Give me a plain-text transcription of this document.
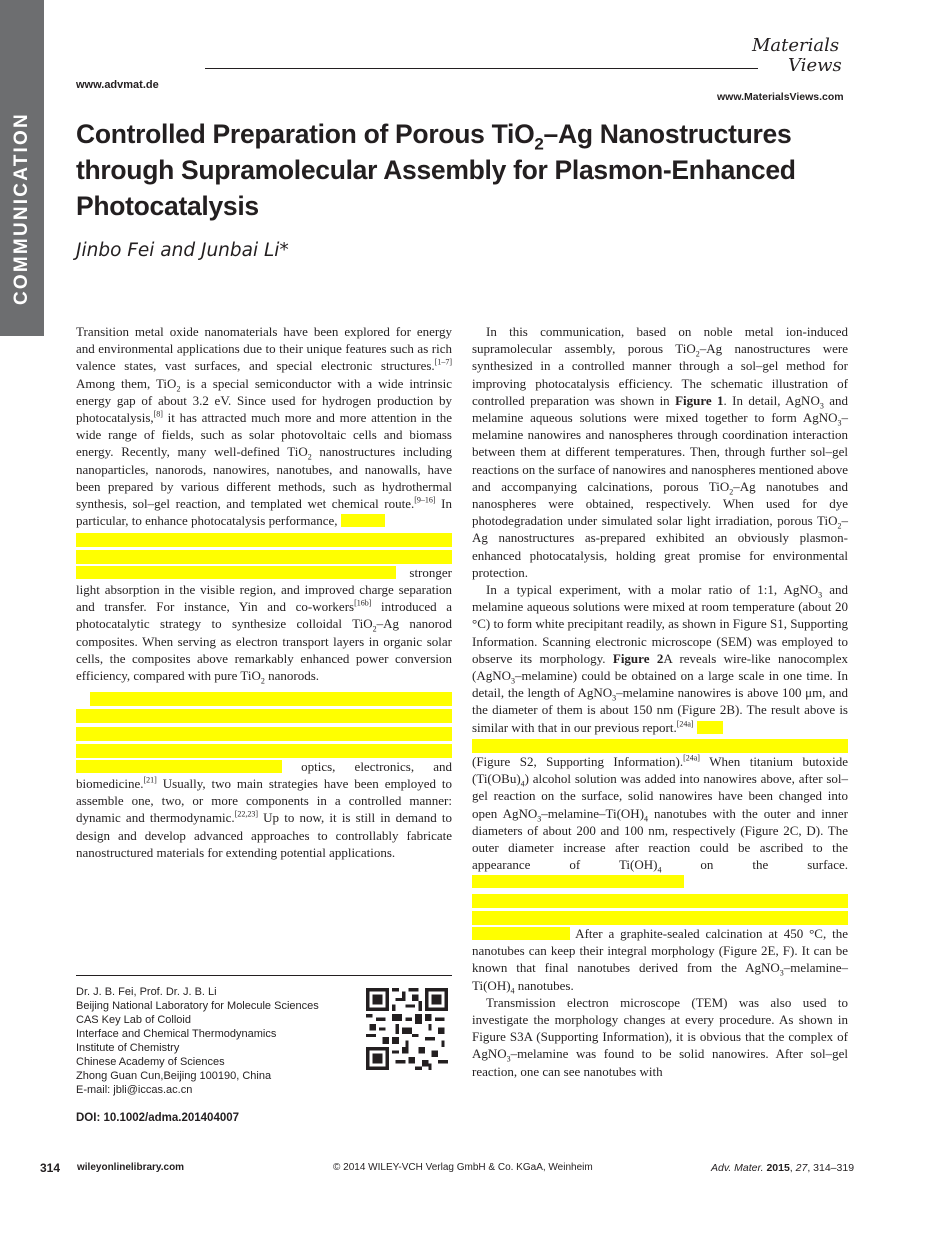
COMMUNICATION
www.advmat.de
Materials
Views
www.MaterialsViews.com
Controlled Preparation of Porous TiO$_2$–Ag Nanostructures
through Supramolecular Assembly for Plasmon-Enhanced
Photocatalysis
Jinbo Fei and Junbai Li*

Transition metal oxide nanomaterials have been explored for energy and environmental applications due to their unique features such as rich valence states, vast surfaces, and special electronic structures.[1–7] Among them, TiO$_2$ is a special semiconductor with a wide intrinsic energy gap of about 3.2 eV. Since used for hydrogen production by photocatalysis,[8] it has attracted much more and more attention in the wide range of fields, such as solar photovoltaic cells and biomass energy. Recently, many well-defined TiO$_2$ nanostructures including nanoparticles, nanorods, nanowires, nanotubes, and nanowalls, have been prepared by various different methods, such as hydrothermal synthesis, sol–gel reaction, and templated wet chemical route.[9–16] In particular, to enhance photocatalysis performance,
stronger light absorption in the visible region, and improved charge separation and transfer. For instance, Yin and co-workers[16b] introduced a photocatalytic strategy to synthesize colloidal TiO$_2$–Ag nanorod composites. When serving as electron transport layers in organic solar cells, the composites above remarkably enhanced power conversion efficiency, compared with pure TiO$_2$ nanorods.

optics, electronics, and biomedicine.[21] Usually, two main strategies have been employed to assemble one, two, or more components in a controlled manner: dynamic and thermodynamic.[22,23] Up to now, it is still in demand to design and develop advanced approaches to controllably fabricate nanostructured materials for extending potential applications.

In this communication, based on noble metal ion-induced supramolecular assembly, porous TiO$_2$–Ag nanostructures were synthesized in a controlled manner through a sol–gel method for improving photocatalysis efficiency. The schematic illustration of controlled preparation was shown in Figure 1. In detail, AgNO$_3$ and melamine aqueous solutions were mixed together to form AgNO$_3$–melamine nanowires and nanospheres through coordination interaction between them at different temperatures. Then, through further sol–gel reactions on the surface of nanowires and nanospheres mentioned above and accompanying calcinations, porous TiO$_2$–Ag nanotubes and nanospheres were obtained, respectively. When used for dye photodegradation under simulated solar light irradiation, porous TiO$_2$–Ag nanostructures as-prepared exhibited an obviously plasmon-enhanced photocatalysis, holding great promise for environmental protection.

In a typical experiment, with a molar ratio of 1:1, AgNO$_3$ and melamine aqueous solutions were mixed at room temperature (about 20 °C) to form white precipitant readily, as shown in Figure S1, Supporting Information. Scanning electronic microscope (SEM) was employed to observe its morphology. Figure 2A reveals wire-like nanocomplex (AgNO$_3$–melamine) could be obtained on a large scale in one time. In detail, the length of AgNO$_3$–melamine nanowires is above 100 μm, and the diameter of them is about 150 nm (Figure 2B). The result above is similar with that in our previous report.[24a]
(Figure S2, Supporting Information).[24a] When titanium butoxide $(Ti(OBu)_4)$ alcohol solution was added into nanowires above, after sol–gel reaction on the surface, solid nanowires have been changed into open $AgNO_3-melamine-Ti(OH)_4$ nanotubes with the outer and inner diameters of about 200 and 100 nm, respectively (Figure 2C, D). The outer diameter increase after reaction could be ascribed to the appearance of $Ti(OH)_4$ on the surface.
After a graphite-sealed calcination at 450 °C, the nanotubes can keep their integral morphology (Figure 2E, F). It can be known that final nanotubes derived from the $AgNO_3-melamine-Ti(OH)_4$ nanotubes.

Transmission electron microscope (TEM) was also used to investigate the morphology changes at every procedure. As shown in Figure S3A (Supporting Information), it is obvious that the complex of AgNO$_3$–melamine was found to be solid nanowires. After sol–gel reaction, one can see nanotubes with

Dr. J. B. Fei, Prof. Dr. J. B. Li
Beijing National Laboratory for Molecule Sciences
CAS Key Lab of Colloid
Interface and Chemical Thermodynamics
Institute of Chemistry
Chinese Academy of Sciences
Zhong Guan Cun,Beijing 100190, China
E-mail: jbli@iccas.ac.cn
DOI: 10.1002/adma.201404007
314 wileyonlinelibrary.com	© 2014 WILEY-VCH Verlag GmbH & Co. KGaA, Weinheim	Adv. Mater. 2015, 27, 314–319
